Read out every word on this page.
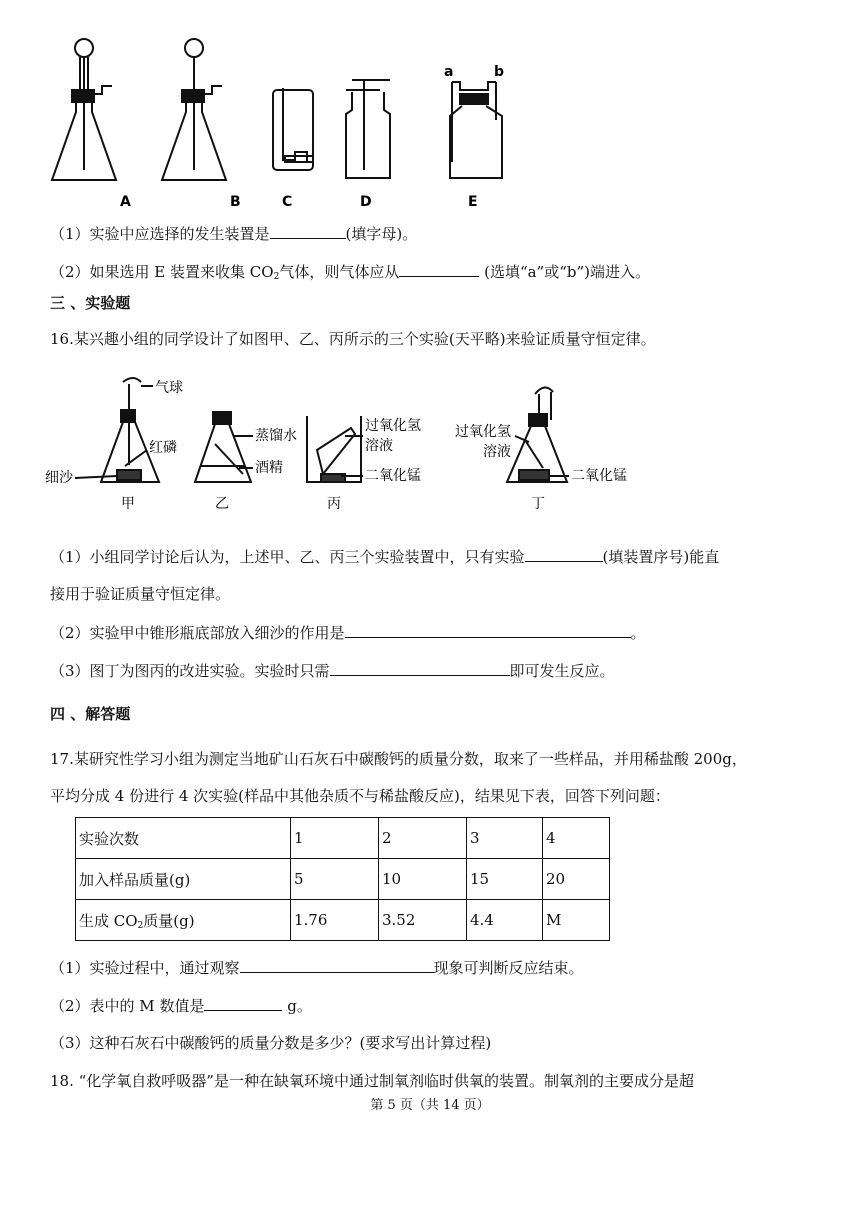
A	B	C	D	E
a	b
（1）实验中应选择的发生装置是	(填字母)。
（2）如果选用 E 装置来收集 $CO_2$气体，则气体应从	(选填“a”或“b”)端进入。
三 、实验题
16.某兴趣小组的同学设计了如图甲、乙、丙所示的三个实验(天平略)来验证质量守恒定律。
气球
红磷
细沙
蒸馏水
酒精
过氧化氢
溶液
二氧化锰
过氧化氢
溶液
二氧化锰
甲	乙	丙	丁
（1）小组同学讨论后认为，上述甲、乙、丙三个实验装置中，只有实验	(填装置序号)能直
接用于验证质量守恒定律。
（2）实验甲中锥形瓶底部放入细沙的作用是	。
（3）图丁为图丙的改进实验。实验时只需	即可发生反应。
四 、解答题
17.某研究性学习小组为测定当地矿山石灰石中碳酸钙的质量分数，取来了一些样品，并用稀盐酸 200g，
平均分成 4 份进行 4 次实验(样品中其他杂质不与稀盐酸反应)，结果见下表，回答下列问题：
实验次数	1	2	3	4
加入样品质量(g)	5	10	15	20
生成 $CO_2$质量(g)	1.76	3.52	4.4	M
（1）实验过程中，通过观察	现象可判断反应结束。
（2）表中的 M 数值是	g。
（3）这种石灰石中碳酸钙的质量分数是多少？(要求写出计算过程)
18. “化学氧自救呼吸器”是一种在缺氧环境中通过制氧剂临时供氧的装置。制氧剂的主要成分是超
第 5 页（共 14 页）
